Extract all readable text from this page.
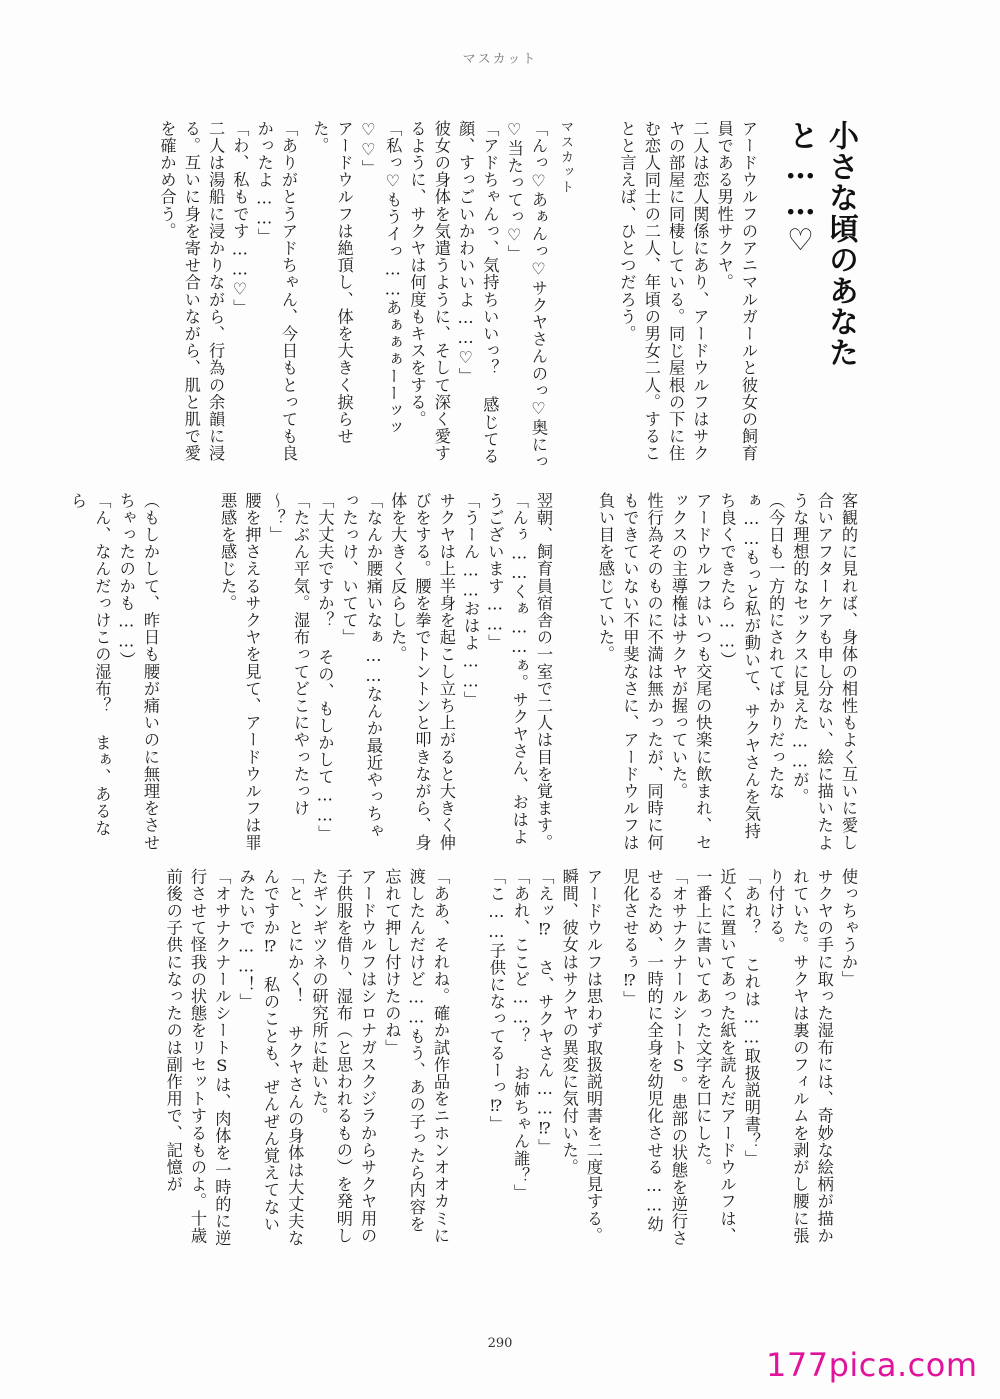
マスカット

小さな頃のあなたと……♡

マスカット	アードウルフのアニマルガールと彼女の飼育員である男性サクヤ。

二人は恋人関係にあり、アードウルフはサクヤの部屋に同棲している。同じ屋根の下に住む恋人同士の二人、年頃の男女二人。することと言えば、ひとつだろう。

「んっ♡あぁんっ♡サクヤさんのっ♡奥にっ♡当たってっ♡」

「アドちゃんっ、気持ちいいっ？ 感じてる顔、すっごいかわいいよ……♡」

彼女の身体を気遣うように、そして深く愛するように、サクヤは何度もキスをする。

「私っ♡もうイっ……あぁぁぁーーッッ♡♡」

アードウルフは絶頂し、体を大きく捩らせた。

「ありがとうアドちゃん、今日もとっても良かったよ……」

「わ、私もです……♡」

二人は湯船に浸かりながら、行為の余韻に浸る。互いに身を寄せ合いながら、肌と肌で愛を確かめ合う。

客観的に見れば、身体の相性もよく互いに愛し合いアフターケアも申し分ない、絵に描いたような理想的なセックスに見えた……が。

（今日も一方的にされてばかりだったなぁ……もっと私が動いて、サクヤさんを気持ち良くできたら……）

アードウルフはいつも交尾の快楽に飲まれ、セックスの主導権はサクヤが握っていた。

性行為そのものに不満は無かったが、同時に何もできていない不甲斐なさに、アードウルフは負い目を感じていた。

翌朝、飼育員宿舎の一室で二人は目を覚ます。

「んぅ……くぁ……ぁ。サクヤさん、おはようございます……」

「うーん……おはよ……」

サクヤは上半身を起こし立ち上がると大きく伸びをする。腰を拳でトントンと叩きながら、身体を大きく反らした。

「なんか腰痛いなぁ……なんか最近やっちゃったっけ、いてて」

「大丈夫ですか？ その、もしかして……」

「たぶん平気。湿布ってどこにやったっけ～？」

腰を押さえるサクヤを見て、アードウルフは罪悪感を感じた。

（もしかして、昨日も腰が痛いのに無理をさせちゃったのかも……）

「ん、なんだっけこの湿布？ まぁ、あるなら

使っちゃうか」

サクヤの手に取った湿布には、奇妙な絵柄が描かれていた。サクヤは裏のフィルムを剥がし腰に張り付ける。

「あれ？ これは……取扱説明書？」

近くに置いてあった紙を読んだアードウルフは、一番上に書いてあった文字を口にした。

「オサナクナールシートS。患部の状態を逆行させるため、一時的に全身を幼児化させる……幼児化させるぅ⁉」

アードウルフは思わず取扱説明書を二度見する。瞬間、彼女はサクヤの異変に気付いた。

「えッ⁉ さ、サクヤさん……⁉」

「あれ、ここど……？ お姉ちゃん誰？」

「こ……子供になってるーっ⁉」

「ああ、それね。確か試作品をニホンオオカミに渡したんだけど……もう、あの子ったら内容を忘れて押し付けたのね」

アードウルフはシロナガスクジラからサクヤ用の子供服を借り、湿布（と思われるもの）を発明したギンギツネの研究所に赴いた。

「と、とにかく！ サクヤさんの身体は大丈夫なんですか⁉ 私のことも、ぜんぜん覚えてないみたいで……！」

「オサナクナールシートSは、肉体を一時的に逆行させて怪我の状態をリセットするものよ。十歳前後の子供になったのは副作用で、記憶が

290
177pica.com
